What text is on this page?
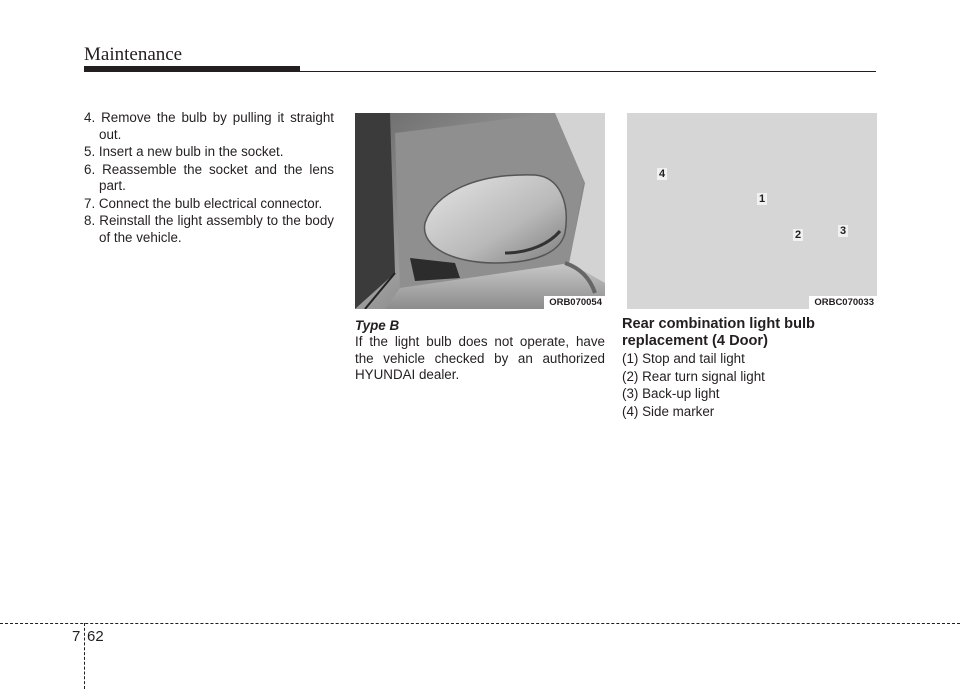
Maintenance
4. Remove the bulb by pulling it straight out.
5. Insert a new bulb in the socket.
6. Reassemble the socket and the lens part.
7. Connect the bulb electrical connector.
8. Reinstall the light assembly to the body of the vehicle.
ORB070054
Type B

If the light bulb does not operate, have the vehicle checked by an authorized HYUNDAI dealer.

4
1
2	3
ORBC070033
Rear combination light bulb replacement (4 Door)
(1) Stop and tail light
(2) Rear turn signal light
(3) Back-up light
(4) Side marker
7 62
